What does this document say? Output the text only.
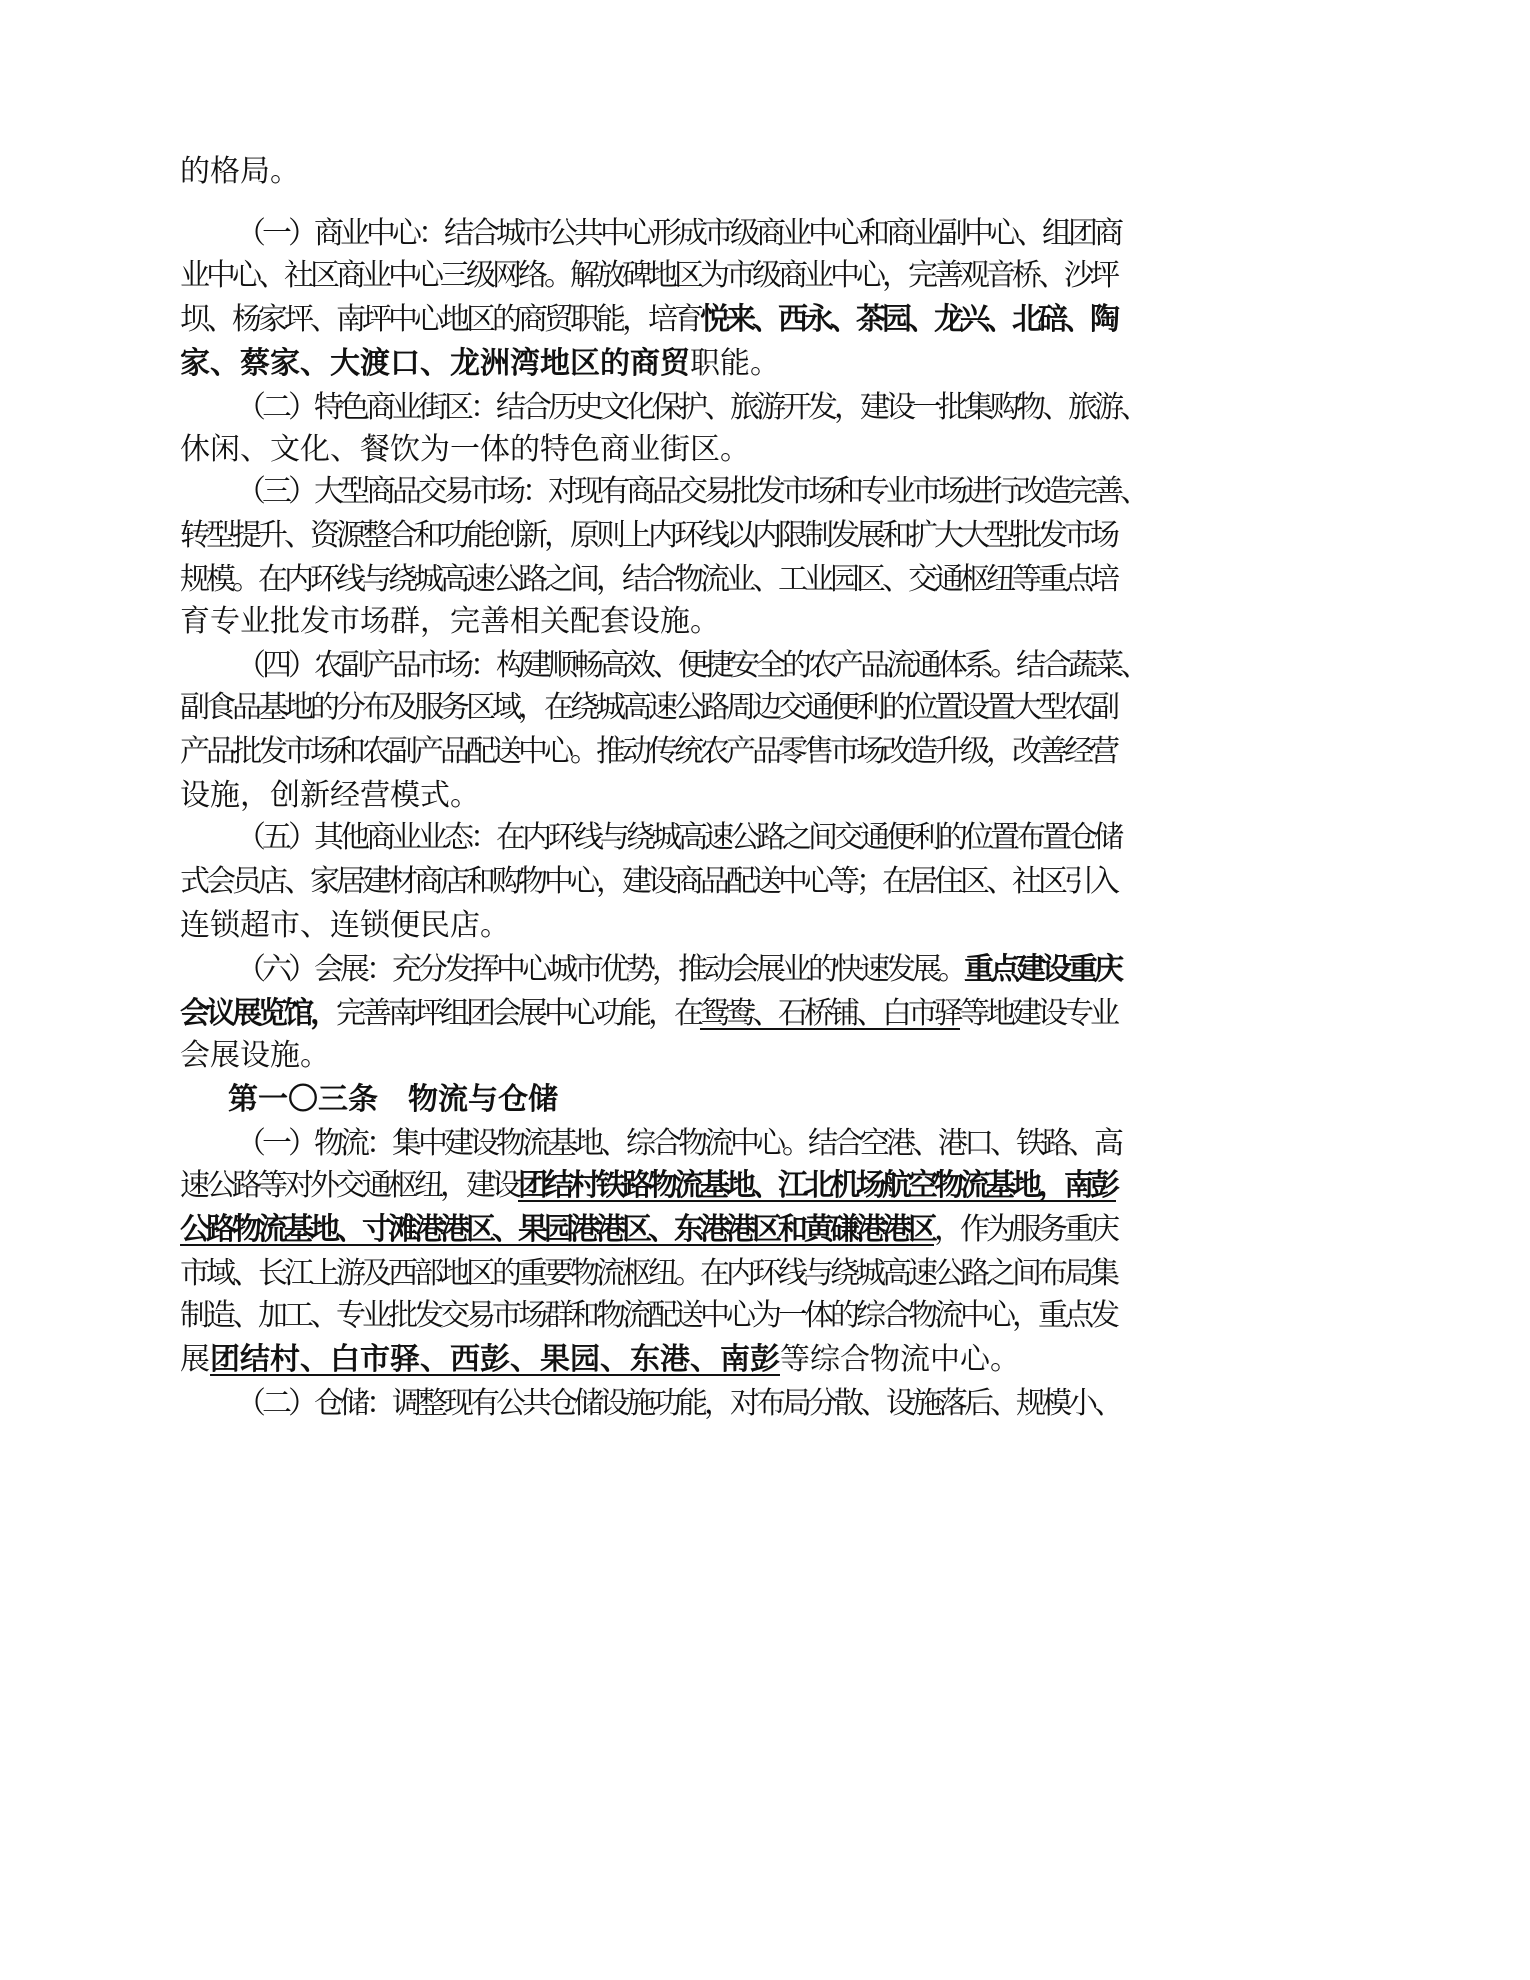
的格局。
（一）商业中心：结合城市公共中心形成市级商业中心和商业副中心、组团商
业中心、社区商业中心三级网络。解放碑地区为市级商业中心，完善观音桥、沙坪
坝、杨家坪、南坪中心地区的商贸职能，培育悦来、西永、茶园、龙兴、北碚、陶
家、蔡家、大渡口、龙洲湾地区的商贸职能。
（二）特色商业街区：结合历史文化保护、旅游开发，建设一批集购物、旅游、
休闲、文化、餐饮为一体的特色商业街区。
（三）大型商品交易市场：对现有商品交易批发市场和专业市场进行改造完善、
转型提升、资源整合和功能创新，原则上内环线以内限制发展和扩大大型批发市场
规模。在内环线与绕城高速公路之间，结合物流业、工业园区、交通枢纽等重点培
育专业批发市场群，完善相关配套设施。
（四）农副产品市场：构建顺畅高效、便捷安全的农产品流通体系。结合蔬菜、
副食品基地的分布及服务区域，在绕城高速公路周边交通便利的位置设置大型农副
产品批发市场和农副产品配送中心。推动传统农产品零售市场改造升级，改善经营
设施，创新经营模式。
（五）其他商业业态：在内环线与绕城高速公路之间交通便利的位置布置仓储
式会员店、家居建材商店和购物中心，建设商品配送中心等；在居住区、社区引入
连锁超市、连锁便民店。
（六）会展：充分发挥中心城市优势，推动会展业的快速发展。重点建设重庆
会议展览馆，完善南坪组团会展中心功能，在鸳鸯、石桥铺、白市驿等地建设专业
会展设施。
第一〇三条　物流与仓储
（一）物流：集中建设物流基地、综合物流中心。结合空港、港口、铁路、高
速公路等对外交通枢纽，建设团结村铁路物流基地、江北机场航空物流基地，南彭
公路物流基地、寸滩港港区、果园港港区、东港港区和黄磏港港区，作为服务重庆
市域、长江上游及西部地区的重要物流枢纽。在内环线与绕城高速公路之间布局集
制造、加工、专业批发交易市场群和物流配送中心为一体的综合物流中心，重点发
展团结村、白市驿、西彭、果园、东港、南彭等综合物流中心。
（二）仓储：调整现有公共仓储设施功能，对布局分散、设施落后、规模小、
